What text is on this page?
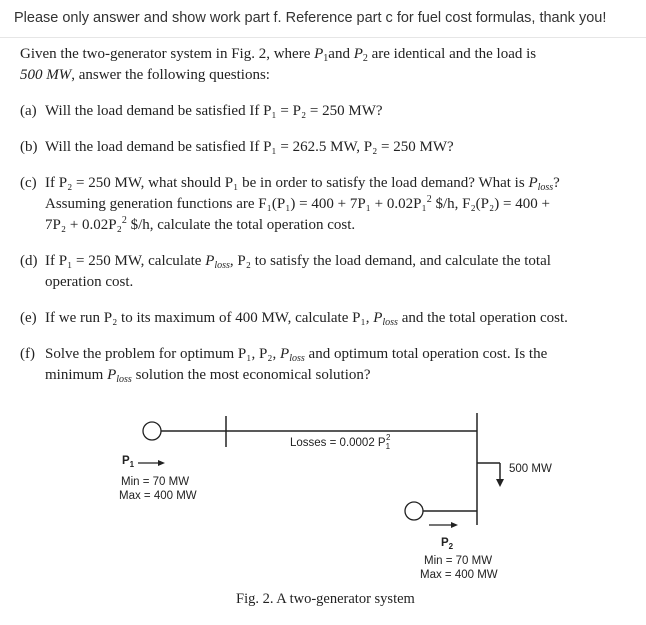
Please only answer and show work part f. Reference part c for fuel cost formulas, thank you!

Given the two-generator system in Fig. 2, where $P_1and$ $P_2$ are identical and the load is
500 MW, answer the following questions:

(a) Will the load demand be satisfied If P₁ = P₂ = 250 MW?
(b) Will the load demand be satisfied If P₁ = 262.5 MW, P₂ = 250 MW?
(c) If P₂ = 250 MW, what should P₁ be in order to satisfy the load demand? What is $P_{loss}$?
Assuming generation functions are F₁(P₁) = 400 + 7P₁ + 0.02P₁$^2$ $/h, F₂(P₂) = 400 +
7P₂ + 0.02P₂$^2$ $/h, calculate the total operation cost.
(d) If P₁ = 250 MW, calculate $P_{loss}$, P₂ to satisfy the load demand, and calculate the total
operation cost.
(e) If we run P₂ to its maximum of 400 MW, calculate P₁, $P_{loss}$ and the total operation cost.
(f) Solve the problem for optimum P₁, P₂, $P_{loss}$ and optimum total operation cost. Is the
minimum $P_{loss}$ solution the most economical solution?
Losses = 0.0002 $P_1^2$
$P_1$
Min = 70 MW
Max = 400 MW
500 MW
$P_2$
Min = 70 MW
Max = 400 MW
Fig. 2. A two-generator system
